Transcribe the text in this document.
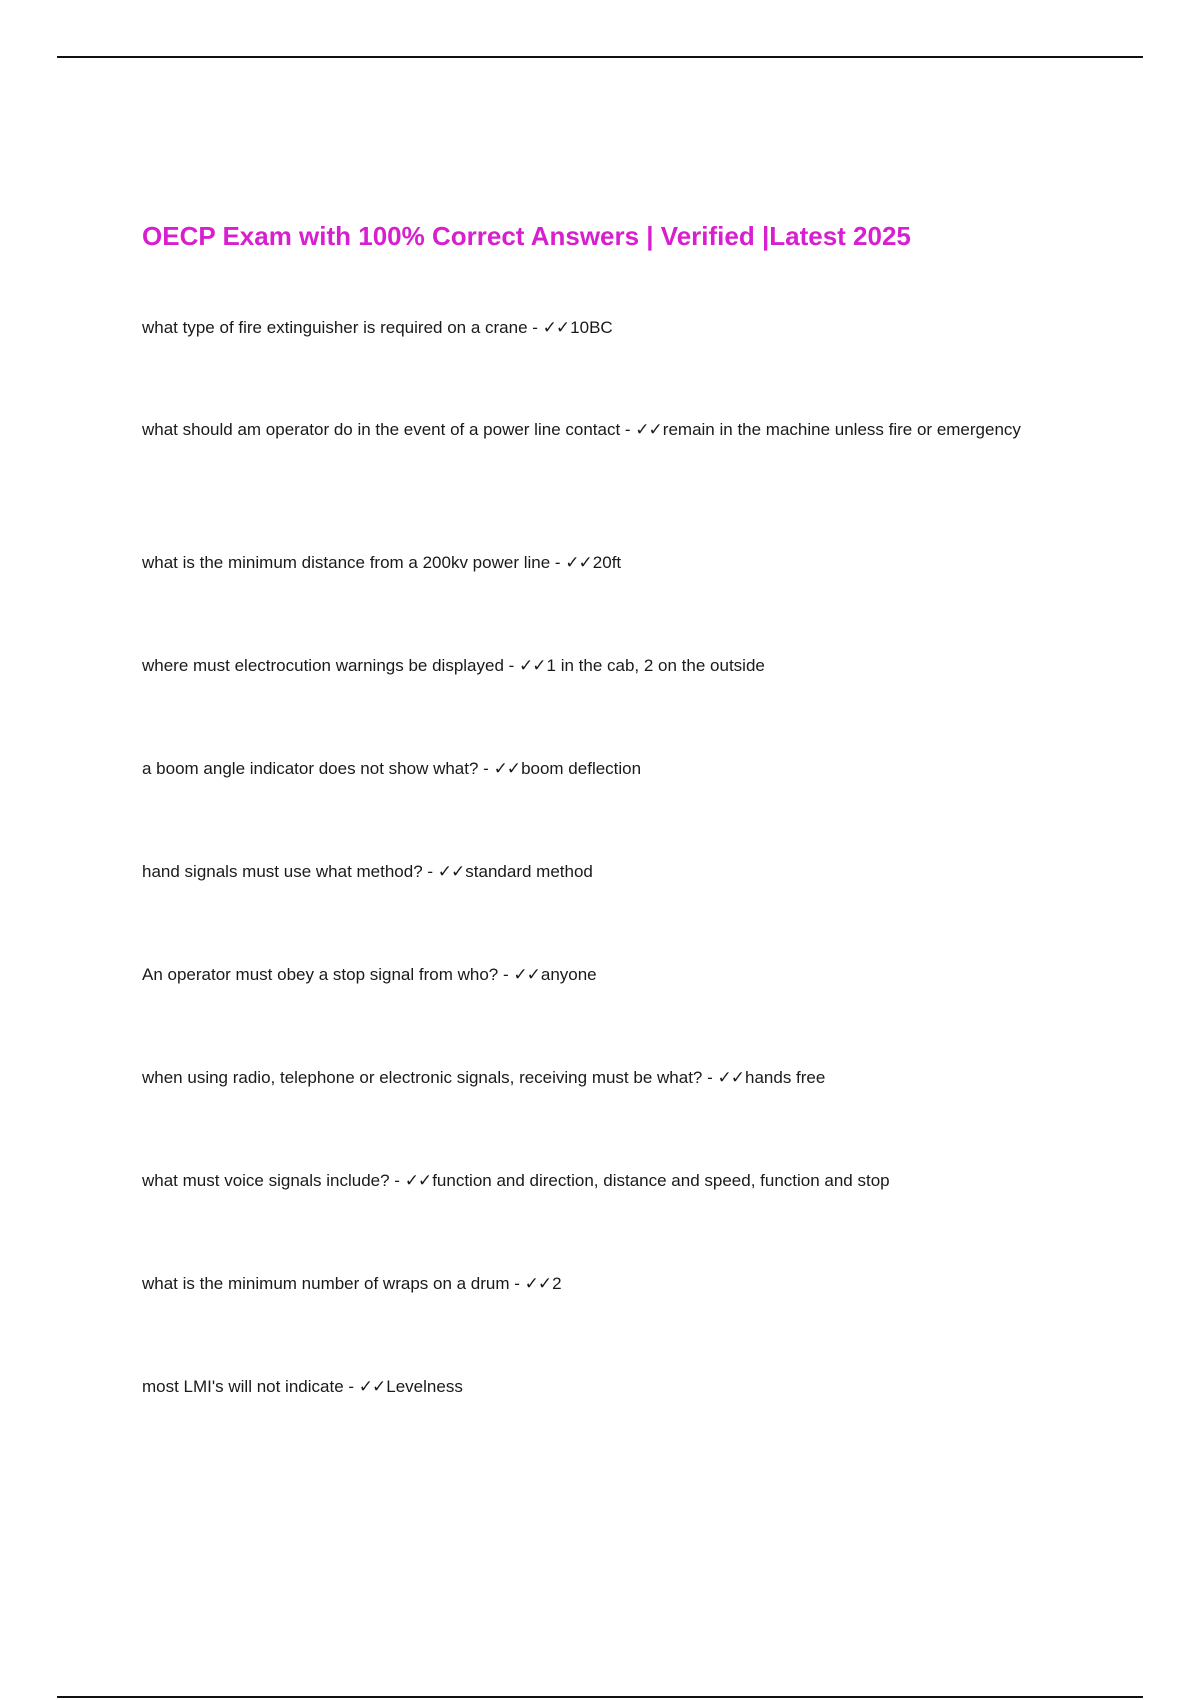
OECP Exam with 100% Correct Answers | Verified |Latest 2025

what type of fire extinguisher is required on a crane - ✓✓10BC

what should am operator do in the event of a power line contact - ✓✓remain in the machine unless fire or emergency

what is the minimum distance from a 200kv power line - ✓✓20ft

where must electrocution warnings be displayed - ✓✓1 in the cab, 2 on the outside

a boom angle indicator does not show what? - ✓✓boom deflection

hand signals must use what method? - ✓✓standard method

An operator must obey a stop signal from who? - ✓✓anyone

when using radio, telephone or electronic signals, receiving must be what? - ✓✓hands free

what must voice signals include? - ✓✓function and direction, distance and speed, function and stop

what is the minimum number of wraps on a drum - ✓✓2

most LMI's will not indicate - ✓✓Levelness
